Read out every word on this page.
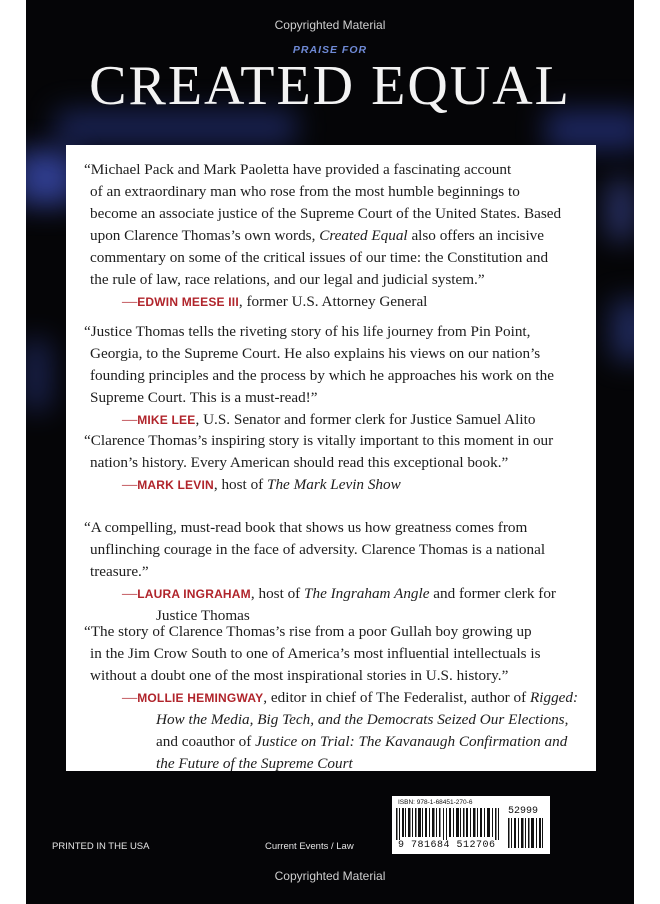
Copyrighted Material
PRAISE FOR
CREATED EQUAL

“Michael Pack and Mark Paoletta have provided a fascinating account
of an extraordinary man who rose from the most humble beginnings to
become an associate justice of the Supreme Court of the United States. Based
upon Clarence Thomas’s own words, Created Equal also offers an incisive
commentary on some of the critical issues of our time: the Constitution and
the rule of law, race relations, and our legal and judicial system.”

—EDWIN MEESE III, former U.S. Attorney General

“Justice Thomas tells the riveting story of his life journey from Pin Point,
Georgia, to the Supreme Court. He also explains his views on our nation’s
founding principles and the process by which he approaches his work on the
Supreme Court. This is a must-read!”

—MIKE LEE, U.S. Senator and former clerk for Justice Samuel Alito

“Clarence Thomas’s inspiring story is vitally important to this moment in our
nation’s history. Every American should read this exceptional book.”

—MARK LEVIN, host of The Mark Levin Show

“A compelling, must-read book that shows us how greatness comes from
unflinching courage in the face of adversity. Clarence Thomas is a national
treasure.”

—LAURA INGRAHAM, host of The Ingraham Angle and former clerk for
Justice Thomas

“The story of Clarence Thomas’s rise from a poor Gullah boy growing up
in the Jim Crow South to one of America’s most influential intellectuals is
without a doubt one of the most inspirational stories in U.S. history.”

—MOLLIE HEMINGWAY, editor in chief of The Federalist, author of Rigged:
How the Media, Big Tech, and the Democrats Seized Our Elections,
and coauthor of Justice on Trial: The Kavanaugh Confirmation and
the Future of the Supreme Court

PRINTED IN THE USA	Current Events / Law
ISBN: 978-1-68451-270-6
9 781684 512706
52999
Copyrighted Material
